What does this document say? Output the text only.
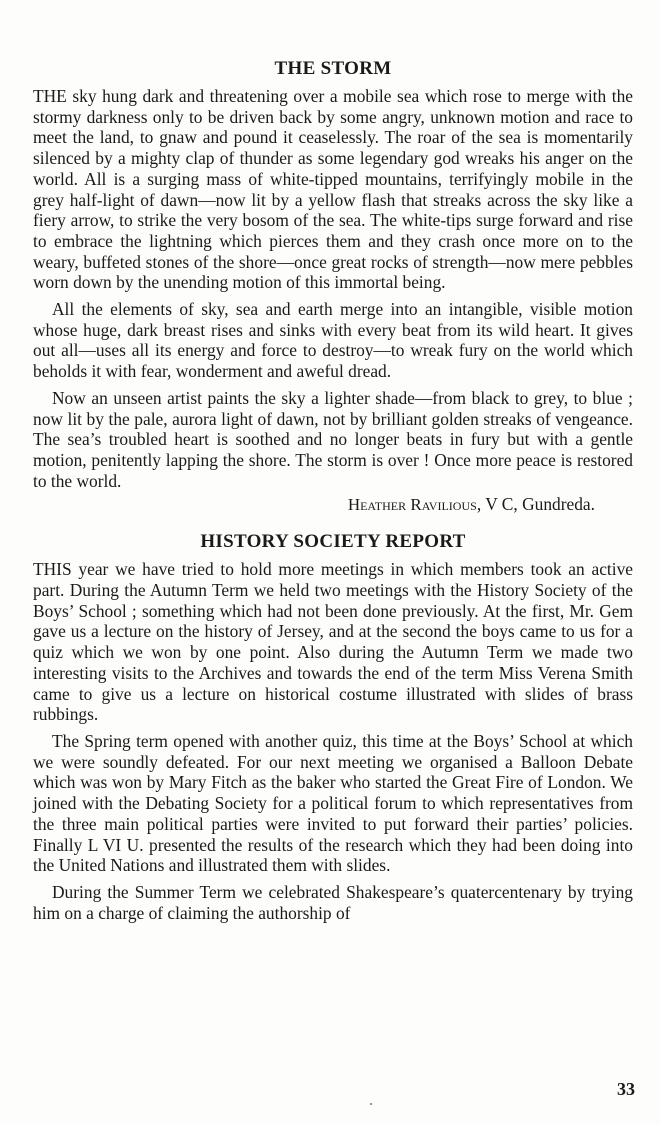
THE STORM

THE sky hung dark and threatening over a mobile sea which rose to merge with the stormy darkness only to be driven back by some angry, unknown motion and race to meet the land, to gnaw and pound it ceaselessly. The roar of the sea is momentarily silenced by a mighty clap of thunder as some legendary god wreaks his anger on the world. All is a surging mass of white-tipped mountains, terrifyingly mobile in the grey half-light of dawn—now lit by a yellow flash that streaks across the sky like a fiery arrow, to strike the very bosom of the sea. The white-tips surge forward and rise to embrace the lightning which pierces them and they crash once more on to the weary, buffeted stones of the shore—once great rocks of strength—now mere pebbles worn down by the unending motion of this immortal being.

All the elements of sky, sea and earth merge into an intangible, visible motion whose huge, dark breast rises and sinks with every beat from its wild heart. It gives out all—uses all its energy and force to destroy—to wreak fury on the world which beholds it with fear, wonderment and aweful dread.

Now an unseen artist paints the sky a lighter shade—from black to grey, to blue ; now lit by the pale, aurora light of dawn, not by brilliant golden streaks of vengeance. The sea’s troubled heart is soothed and no longer beats in fury but with a gentle motion, penitently lapping the shore. The storm is over ! Once more peace is restored to the world.

Heather Ravilious, V C, Gundreda.
HISTORY SOCIETY REPORT

THIS year we have tried to hold more meetings in which members took an active part. During the Autumn Term we held two meetings with the History Society of the Boys’ School ; something which had not been done previously. At the first, Mr. Gem gave us a lecture on the history of Jersey, and at the second the boys came to us for a quiz which we won by one point. Also during the Autumn Term we made two interesting visits to the Archives and towards the end of the term Miss Verena Smith came to give us a lecture on historical costume illustrated with slides of brass rubbings.

The Spring term opened with another quiz, this time at the Boys’ School at which we were soundly defeated. For our next meeting we organised a Balloon Debate which was won by Mary Fitch as the baker who started the Great Fire of London. We joined with the Debating Society for a political forum to which representatives from the three main political parties were invited to put forward their parties’ policies. Finally L VI U. presented the results of the research which they had been doing into the United Nations and illustrated them with slides.

During the Summer Term we celebrated Shakespeare’s quatercentenary by trying him on a charge of claiming the authorship of

33
